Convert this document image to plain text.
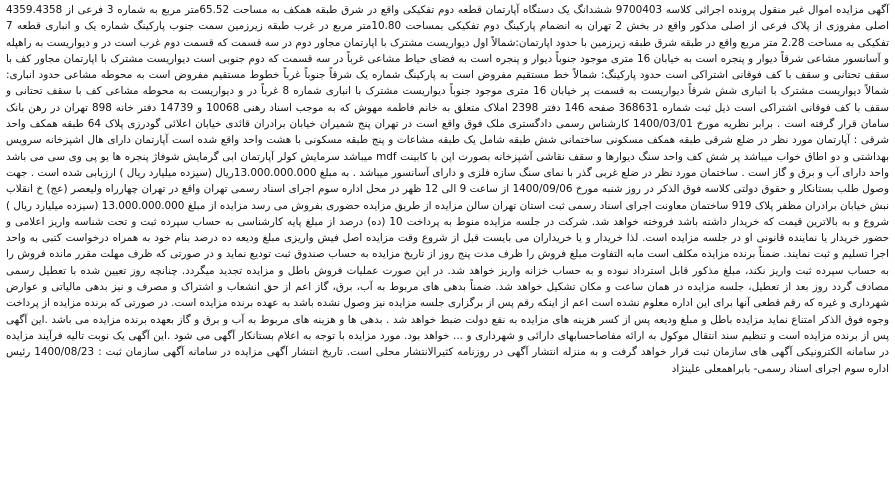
آگهی مزایده اموال غیر منقول پرونده اجرائی کلاسه 9700403 ششدانگ یک دستگاه آپارتمان قطعه دوم تفکیکی واقع در شرق طبقه همکف به مساحت 65.52متر مربع به شماره 3 فرعی از 4359.4358 اصلی مفروزی از پلاک فرعی از اصلی مذکور واقع در بخش 2 تهران به انضمام پارکینگ دوم تفکیکی بمساحت 10.80متر مربع در غرب طبقه زیرزمین سمت جنوب پارکینگ شماره یک و انباری قطعه 7 تفکیکی به مساحت 2.28 متر مربع واقع در طبقه شرق طبقه زیرزمین با حدود اپارتمان:شمالاً اول دیواریست مشترک با اپارتمان مجاور دوم در سه قسمت که قسمت دوم غرب است در و دیواریست به راهپله و آسانسور مشاعی شرقاً دیوار و پنجره است به خیابان 16 متری موجود جنوباً دیوار و پنجره است به فضای حیاط مشاعی غرباً در سه قسمت که دوم جنوبی است دیواریست مشترک با اپارتمان مجاور کف با سقف تحتانی و سقف با کف فوقانی اشتراکی است حدود پارکینگ: شمالاً خط مستقیم مفروض است به پارکینگ شماره یک شرقاً جنوباً غرباً خطوط مستقیم مفروض است به محوطه مشاعی حدود انباری: شمالاً دیواریست مشترک با انباری شش شرقاً دیواریست به قسمت پر خیابان 16 متری موجود جنوباً دیواریست مشترک با انباری شماره 8 غرباً در و دیواریست به محوطه مشاعی کف با سقف تحتانی و سقف با کف فوقانی اشتراکی است ذیل ثبت شماره 368631 صفحه 146 دفتر 2398 املاک متعلق به خانم فاطمه مهوش که به موجب اسناد رهنی 10068 و 14739 دفتر خانه 898 تهران در رهن بانک سامان قرار گرفته است . برابر نظریه مورخ 1400/03/01 کارشناس رسمی دادگستری ملک فوق واقع است در تهران پنج شمیران خیابان برادران قائدی خیابان اعلائی گودرزی پلاک 64 طبقه همکف واحد شرقی : آپارتمان مورد نظر در ضلع شرقی طبقه همکف مسکونی ساختمانی شش طبقه شامل یک طبقه مشاعات و پنج طبقه مسکونی با هشت واحد واقع شده است آپارتمان دارای هال اشپزخانه سرویس بهداشتی و دو اطاق خواب میباشد پر شش کف واحد سنگ دیوارها و سقف نقاشی آشپزخانه بصورت اپن با کابینت mdf میباشد سرمایش کولر آپارتمان ابی گرمایش شوفاژ پنجره ها یو پی وی سی می باشد واحد دارای آب و برق و گاز است . ساختمان مورد نظر در ضلع غربی گذر با نمای سنگ سازه فلزی و دارای آسانسور میباشد . به مبلغ 13.000.000.000ریال (سیزده میلیارد ریال ) ارزیابی شده است . جهت وصول طلب بستانکار و حقوق دولتی کلاسه فوق الذکر در روز شنبه مورخ 1400/09/06 از ساعت 9 الی 12 ظهر در محل اداره سوم اجرای اسناد رسمی تهران واقع در تهران چهارراه ولیعصر (عج) خ انقلاب نبش خیابان برادران مظفر پلاک 919 ساختمان معاونت اجرای اسناد رسمی ثبت استان تهران سالن مزایده از طریق مزایده حضوری بفروش می رسد مزایده از مبلغ 13.000.000.000 (سیزده میلیارد ریال ) شروع و به بالاترین قیمت که خریدار داشته باشد فروخته خواهد شد. شرکت در جلسه مزایده منوط به پرداخت 10 (ده) درصد از مبلغ پایه کارشناسی به حساب سپرده ثبت و تحت شناسه واریز اعلامی و حضور خریدار یا نماینده قانونی او در جلسه مزایده است. لذا خریدار و یا خریداران می بایست قبل از شروع وقت مزایده اصل فیش واریزی مبلغ ودیعه ده درصد بنام خود به همراه درخواست کتبی به واحد اجرا تسلیم و ثبت نمایند. ضمناً برنده مزایده مکلف است مابه التفاوت مبلغ فروش را ظرف مدت پنج روز از تاریخ مزایده به حساب صندوق ثبت تودیع نماید و در صورتی که ظرف مهلت مقرر مانده فروش را به حساب سپرده ثبت واریز نکند، مبلغ مذکور قابل استرداد نبوده و به حساب خزانه واریز خواهد شد. در این صورت عملیات فروش باطل و مزایده تجدید میگردد. چنانچه روز تعیین شده با تعطیل رسمی مصادف گردد روز بعد از تعطیل، جلسه مزایده در همان ساعت و مکان تشکیل خواهد شد. ضمناً بدهی های مربوط به آب، برق، گاز اعم از حق انشعاب و اشتراک و مصرف و نیز بدهی مالیاتی و عوارض شهرداری و غیره که رقم قطعی آنها برای این اداره معلوم نشده است اعم از اینکه رقم پس از برگزاری جلسه مزایده نیز وصول نشده باشد به عهده برنده مزایده است. در صورتی که برنده مزایده از پرداخت وجوه فوق الذکر امتناع نماید مزایده باطل و مبلغ ودیعه پس از کسر هزینه های مزایده به نفع دولت ضبط خواهد شد . بدهی ها و هزینه های مربوط به آب و برق و گاز بعهده برنده مزایده می باشد .این آگهی پس از برنده مزایده است و تنظیم سند انتقال موکول به ارائه مفاصاحسابهای دارائی و شهرداری و ... خواهد بود. مورد مزایده با توجه به اعلام بستانکار آگهی می شود .این آگهی یک نوبت تالیه فرآیند مزایده در سامانه الکترونیکی آگهی های سازمان ثبت قرار خواهد گرفت و به منزله انتشار آگهی در روزنامه کثیرالانتشار محلی است. تاریخ انتشار آگهی مزایده در سامانه آگهی سازمان ثبت : 1400/08/23 رئیس اداره سوم اجرای اسناد رسمی- بابراهمعلی علینژاد
